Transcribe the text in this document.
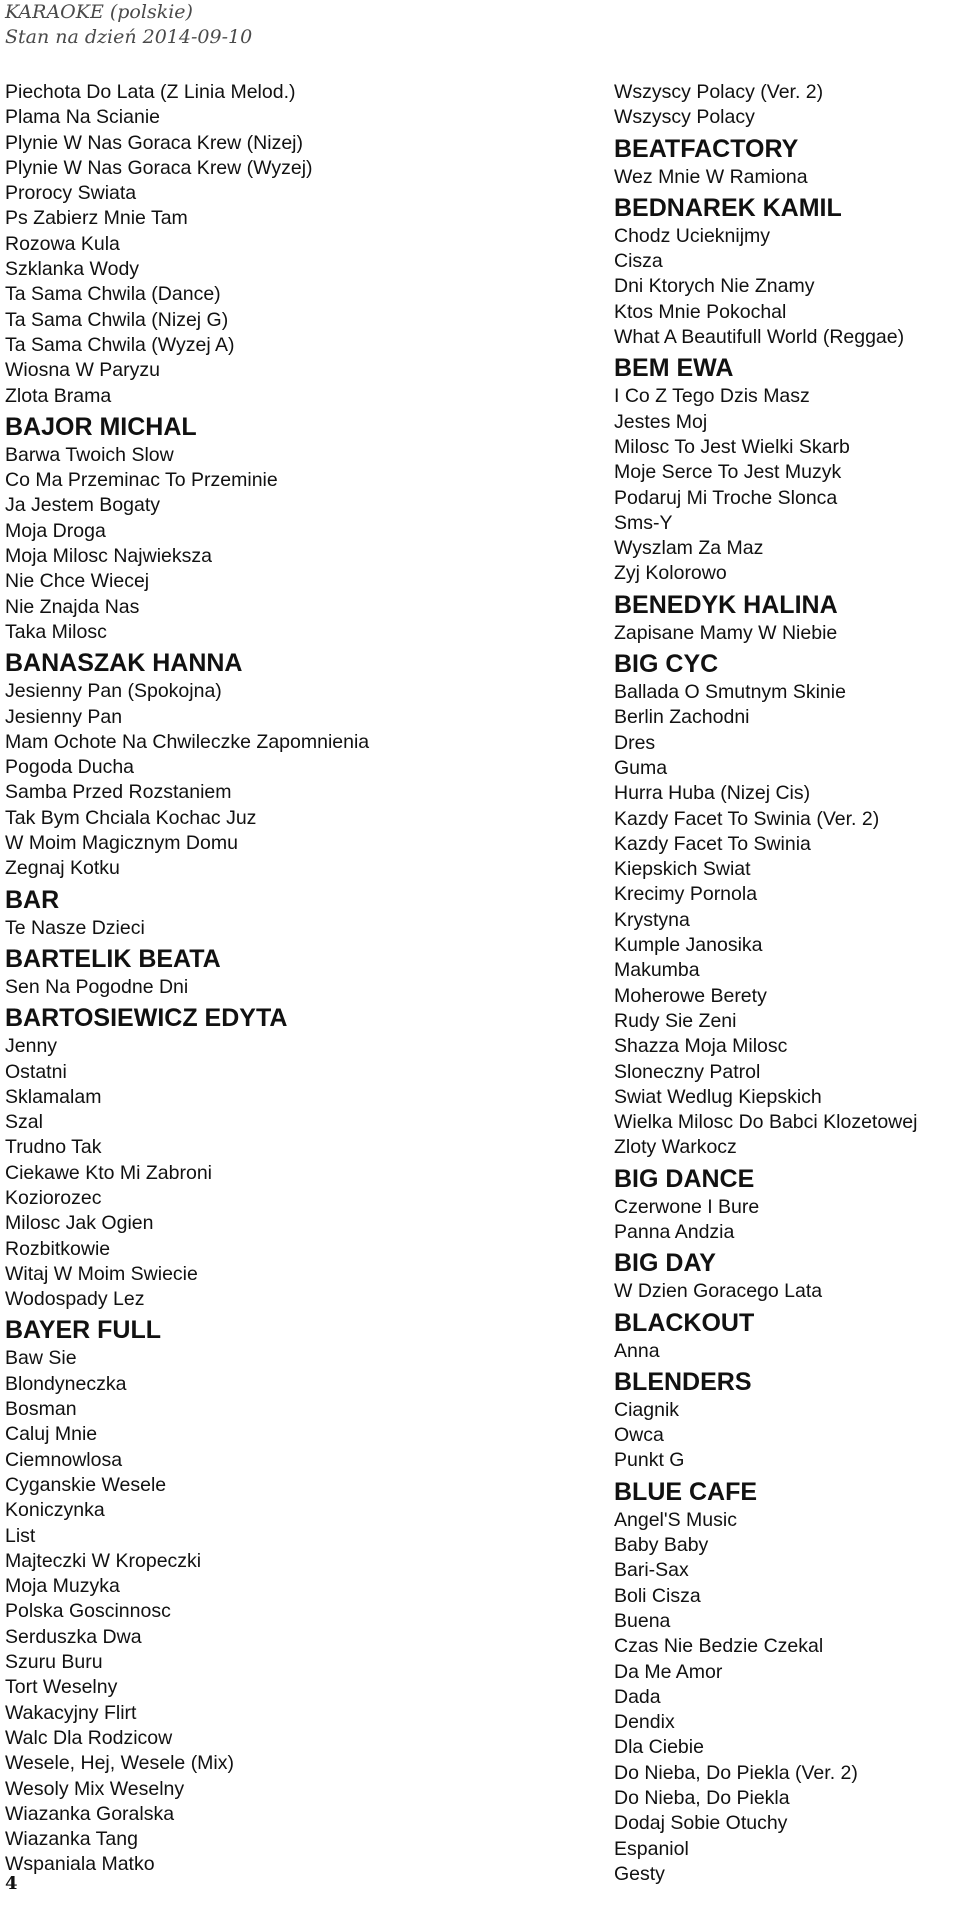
KARAOKE (polskie)
Stan na dzień 2014-09-10
Piechota Do Lata (Z Linia Melod.)
Plama Na Scianie
Plynie W Nas Goraca Krew (Nizej)
Plynie W Nas Goraca Krew (Wyzej)
Prorocy Swiata
Ps Zabierz Mnie Tam
Rozowa Kula
Szklanka Wody
Ta Sama Chwila (Dance)
Ta Sama Chwila (Nizej G)
Ta Sama Chwila (Wyzej A)
Wiosna W Paryzu
Zlota Brama
BAJOR MICHAL
Barwa Twoich Slow
Co Ma Przeminac To Przeminie
Ja Jestem Bogaty
Moja Droga
Moja Milosc Najwieksza
Nie Chce Wiecej
Nie Znajda Nas
Taka Milosc
BANASZAK HANNA
Jesienny Pan (Spokojna)
Jesienny Pan
Mam Ochote Na Chwileczke Zapomnienia
Pogoda Ducha
Samba Przed Rozstaniem
Tak Bym Chciala Kochac Juz
W Moim Magicznym Domu
Zegnaj Kotku
BAR
Te Nasze Dzieci
BARTELIK BEATA
Sen Na Pogodne Dni
BARTOSIEWICZ EDYTA
Jenny
Ostatni
Sklamalam
Szal
Trudno Tak
Ciekawe Kto Mi Zabroni
Koziorozec
Milosc Jak Ogien
Rozbitkowie
Witaj W Moim Swiecie
Wodospady Lez
BAYER FULL
Baw Sie
Blondyneczka
Bosman
Caluj Mnie
Ciemnowlosa
Cyganskie Wesele
Koniczynka
List
Majteczki W Kropeczki
Moja Muzyka
Polska Goscinnosc
Serduszka Dwa
Szuru Buru
Tort Weselny
Wakacyjny Flirt
Walc Dla Rodzicow
Wesele, Hej, Wesele (Mix)
Wesoly Mix Weselny
Wiazanka Goralska
Wiazanka Tang
Wspaniala Matko
Wszyscy Polacy (Ver. 2)
Wszyscy Polacy
BEATFACTORY
Wez Mnie W Ramiona
BEDNAREK KAMIL
Chodz Ucieknijmy
Cisza
Dni Ktorych Nie Znamy
Ktos Mnie Pokochal
What A Beautifull World (Reggae)
BEM EWA
I Co Z Tego Dzis Masz
Jestes Moj
Milosc To Jest Wielki Skarb
Moje Serce To Jest Muzyk
Podaruj Mi Troche Slonca
Sms-Y
Wyszlam Za Maz
Zyj Kolorowo
BENEDYK HALINA
Zapisane Mamy W Niebie
BIG CYC
Ballada O Smutnym Skinie
Berlin Zachodni
Dres
Guma
Hurra Huba (Nizej Cis)
Kazdy Facet To Swinia (Ver. 2)
Kazdy Facet To Swinia
Kiepskich Swiat
Krecimy Pornola
Krystyna
Kumple Janosika
Makumba
Moherowe Berety
Rudy Sie Zeni
Shazza Moja Milosc
Sloneczny Patrol
Swiat Wedlug Kiepskich
Wielka Milosc Do Babci Klozetowej
Zloty Warkocz
BIG DANCE
Czerwone I Bure
Panna Andzia
BIG DAY
W Dzien Goracego Lata
BLACKOUT
Anna
BLENDERS
Ciagnik
Owca
Punkt G
BLUE CAFE
Angel'S Music
Baby Baby
Bari-Sax
Boli Cisza
Buena
Czas Nie Bedzie Czekal
Da Me Amor
Dada
Dendix
Dla Ciebie
Do Nieba, Do Piekla (Ver. 2)
Do Nieba, Do Piekla
Dodaj Sobie Otuchy
Espaniol
Gesty
4
